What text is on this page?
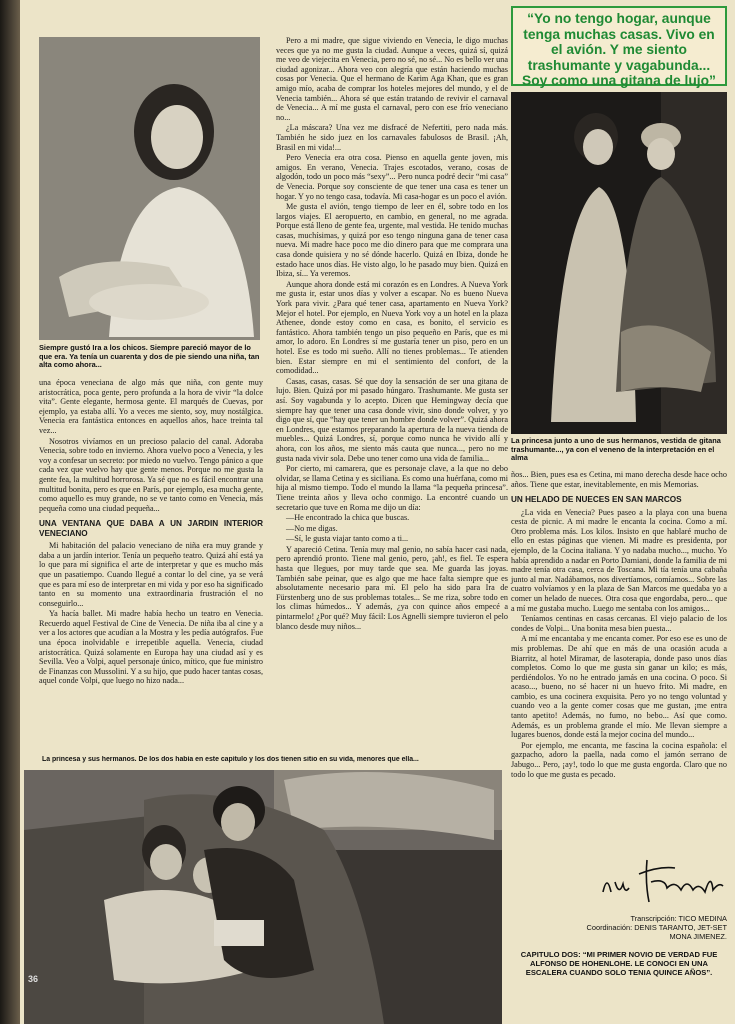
Siempre gustó Ira a los chicos. Siempre pareció mayor de lo que era. Ya tenía un cuarenta y dos de pie siendo una niña, tan alta como ahora...

una época veneciana de algo más que niña, con gente muy aristocrática, poca gente, pero profunda a la hora de vivir “la dolce vita”. Gente elegante, hermosa gente. El marqués de Cuevas, por ejemplo, ya estaba allí. Yo a veces me siento, soy, muy nostálgica. Venecia era fantástica entonces en aquellos años, hace treinta tal vez...

Nosotros vivíamos en un precioso palacio del canal. Adoraba Venecia, sobre todo en invierno. Ahora vuelvo poco a Venecia, y les voy a confesar un secreto: por miedo no vuelvo. Tengo pánico a que cada vez que vuelvo hay que gente menos. Porque no me gusta la gente fea, la multitud horrorosa. Ya sé que no es fácil encontrar una multitud bonita, pero es que en París, por ejemplo, esa mucha gente, como aquello es muy grande, no se ve tanto como en Venecia, más pequeña como una ciudad pequeña...

UNA VENTANA QUE DABA A UN JARDIN INTERIOR VENECIANO

Mi habitación del palacio veneciano de niña era muy grande y daba a un jardín interior. Tenía un pequeño teatro. Quizá ahí está ya lo que para mí significa el arte de interpretar y que es mucho más que un pasatiempo. Cuando llegué a contar lo del cine, ya se verá que es para mí eso de interpretar en mi vida y por eso ha significado tanto en su momento una extraordinaria frustración el no conseguirlo...

Ya hacía ballet. Mi madre había hecho un teatro en Venecia. Recuerdo aquel Festival de Cine de Venecia. De niña iba al cine y a ver a los actores que acudían a la Mostra y les pedía autógrafos. Fue una época inolvidable e irrepetible aquella. Venecia, ciudad aristocrática. Quizá solamente en Europa hay una ciudad así y es Sevilla. Veo a Volpi, aquel personaje único, mítico, que fue ministro de Finanzas con Mussolini. Y a su hijo, que pudo hacer tantas cosas, aquel conde Volpi, que luego no hizo nada...

Pero a mi madre, que sigue viviendo en Venecia, le digo muchas veces que ya no me gusta la ciudad. Aunque a veces, quizá sí, quizá me veo de viejecita en Venecia, pero no sé, no sé... No es bello ver una ciudad agonizar... Ahora veo con alegría que están haciendo muchas cosas por Venecia. Que el hermano de Karim Aga Khan, que es gran amigo mío, acaba de comprar los hoteles mejores del mundo, y el de Venecia también... Ahora sé que están tratando de revivir el carnaval de Venecia... A mí me gusta el carnaval, pero con ese frío veneciano no...

¿La máscara? Una vez me disfracé de Nefertiti, pero nada más. También he sido juez en los carnavales fabulosos de Brasil. ¡Ah, Brasil en mi vida!...

Pero Venecia era otra cosa. Pienso en aquella gente joven, mis amigos. En verano, Venecia. Trajes escotados, verano, cosas de algodón, todo un poco más “sexy”... Pero nunca podré decir “mi casa” de Venecia. Porque soy consciente de que tener una casa es tener un hogar. Y yo no tengo casa, todavía. Mi casa-hogar es un poco el avión.

Me gusta el avión, tengo tiempo de leer en él, sobre todo en los largos viajes. El aeropuerto, en cambio, en general, no me agrada. Porque está lleno de gente fea, urgente, mal vestida. He tenido muchas casas, muchísimas, y quizá por eso tengo ninguna gana de tener casa nueva. Mi madre hace poco me dio dinero para que me comprara una casa donde quisiera y no sé dónde hacerlo. Quizá en Ibiza, donde he estado hace unos días. He visto algo, lo he pasado muy bien. Quizá en Ibiza, sí... Ya veremos.

Aunque ahora donde está mi corazón es en Londres. A Nueva York me gusta ir, estar unos días y volver a escapar. No es bueno Nueva York para vivir. ¿Para qué tener casa, apartamento en Nueva York? Mejor el hotel. Por ejemplo, en Nueva York voy a un hotel en la plaza Athenee, donde estoy como en casa, es bonito, el servicio es fantástico. Ahora también tengo un piso pequeño en París, que es mi amor, lo adoro. En Londres sí me gustaría tener un piso, pero en un hotel. Ese es todo mi sueño. Allí no tienes problemas... Te atienden bien. Estar siempre en mi el sentimiento del confort, de la comodidad...

Casas, casas, casas. Sé que doy la sensación de ser una gitana de lujo. Bien. Quizá por mi pasado húngaro. Trashumante. Me gusta ser así. Soy vagabunda y lo acepto. Dicen que Hemingway decía que siempre hay que tener una casa donde vivir, sino donde volver, y yo digo que sí, que “hay que tener un hombre donde volver”. Quizá ahora en Londres, que estamos preparando la apertura de la nueva tienda de muebles... Quizá Londres, sí, porque como nunca he vivido allí y ahora, con los años, me siento más cauta que nunca..., pero no me gusta nada vivir sola. Debe uno tener como una vida de familia...

Por cierto, mi camarera, que es personaje clave, a la que no debo olvidar, se llama Cetina y es siciliana. Es como una huérfana, como mi hija al mismo tiempo. Todo el mundo la llama “la pequeña princesa”. Tiene treinta años y lleva ocho conmigo. La encontré cuando un secretario que tuve en Roma me dijo un día:

—He encontrado la chica que buscas.

—No me digas.

—Sí, le gusta viajar tanto como a ti...

Y apareció Cetina. Tenía muy mal genio, no sabía hacer casi nada, pero aprendió pronto. Tiene mal genio, pero, ¡ah!, es fiel. Te espera hasta que llegues, por muy tarde que sea. Me guarda las joyas. También sabe peinar, que es algo que me hace falta siempre que es absolutamente necesario para mí. El pelo ha sido para Ira de Fürstenberg uno de sus problemas totales... Se me riza, sobre todo en los climas húmedos... Y además, ¿ya con quince años empecé a pintarmelo! ¿Por qué? Muy fácil: Los Agnelli siempre tuvieron el pelo blanco desde muy niños...

“Yo no tengo hogar, aunque tenga muchas casas. Vivo en el avión. Y me siento trashumante y vagabunda... Soy como una gitana de lujo”
La princesa junto a uno de sus hermanos, vestida de gitana trashumante..., ya con el veneno de la interpretación en el alma

ños... Bien, pues esa es Cetina, mi mano derecha desde hace ocho años. Tiene que estar, inevitablemente, en mis Memorias.

UN HELADO DE NUECES EN SAN MARCOS

¿La vida en Venecia? Pues paseo a la playa con una buena cesta de picnic. A mi madre le encanta la cocina. Como a mí. Otro problema más. Los kilos. Insisto en que hablaré mucho de ello en estas páginas que vienen. Mi madre es presidenta, por ejemplo, de la Cocina italiana. Y yo nadaba mucho..., mucho. Yo había aprendido a nadar en Porto Damiani, donde la familia de mi madre tenía otra casa, cerca de Toscana. Mi tía tenía una cabaña junto al mar. Nadábamos, nos divertíamos, comíamos... Sobre las cuatro volvíamos y en la plaza de San Marcos me quedaba yo a comer un helado de nueces. Otra cosa que engordaba, pero... que a mí me gustaba mucho. Luego me sentaba con los amigos...

Teníamos centinas en casas cercanas. El viejo palacio de los condes de Volpi... Una bonita mesa bien puesta...

A mí me encantaba y me encanta comer. Por eso ese es uno de mis problemas. De ahí que en más de una ocasión acuda a Biarritz, al hotel Miramar, de lasoterapia, donde paso unos días completos. Como lo que me gusta sin ganar un kilo; es más, perdiéndolos. Yo no he entrado jamás en una cocina. O poco. Si acaso..., bueno, no sé hacer ni un huevo frito. Mi madre, en cambio, es una cocinera exquisita. Pero yo no tengo voluntad y cuando veo a la gente comer cosas que me gustan, ¡me entra tanto apetito! Además, no fumo, no bebo... Así que como. Además, es un problema grande el mío. Me llevan siempre a lugares buenos, donde está la mejor cocina del mundo...

Por ejemplo, me encanta, me fascina la cocina española: el gazpacho, adoro la paella, nada como el jamón serrano de Jabugo... Pero, ¡ay!, todo lo que me gusta engorda. Claro que no todo lo que me gusta es pecado.

Transcripción: TICO MEDINA
Coordinación: DENIS TARANTO, JET-SET
MONA JIMENEZ.
CAPITULO DOS: “MI PRIMER NOVIO DE VERDAD FUE ALFONSO DE HOHENLOHE. LE CONOCI EN UNA ESCALERA CUANDO SOLO TENIA QUINCE AÑOS”.
La princesa y sus hermanos. De los dos había en este capítulo y los dos tienen sitio en su vida, menores que ella...
36
